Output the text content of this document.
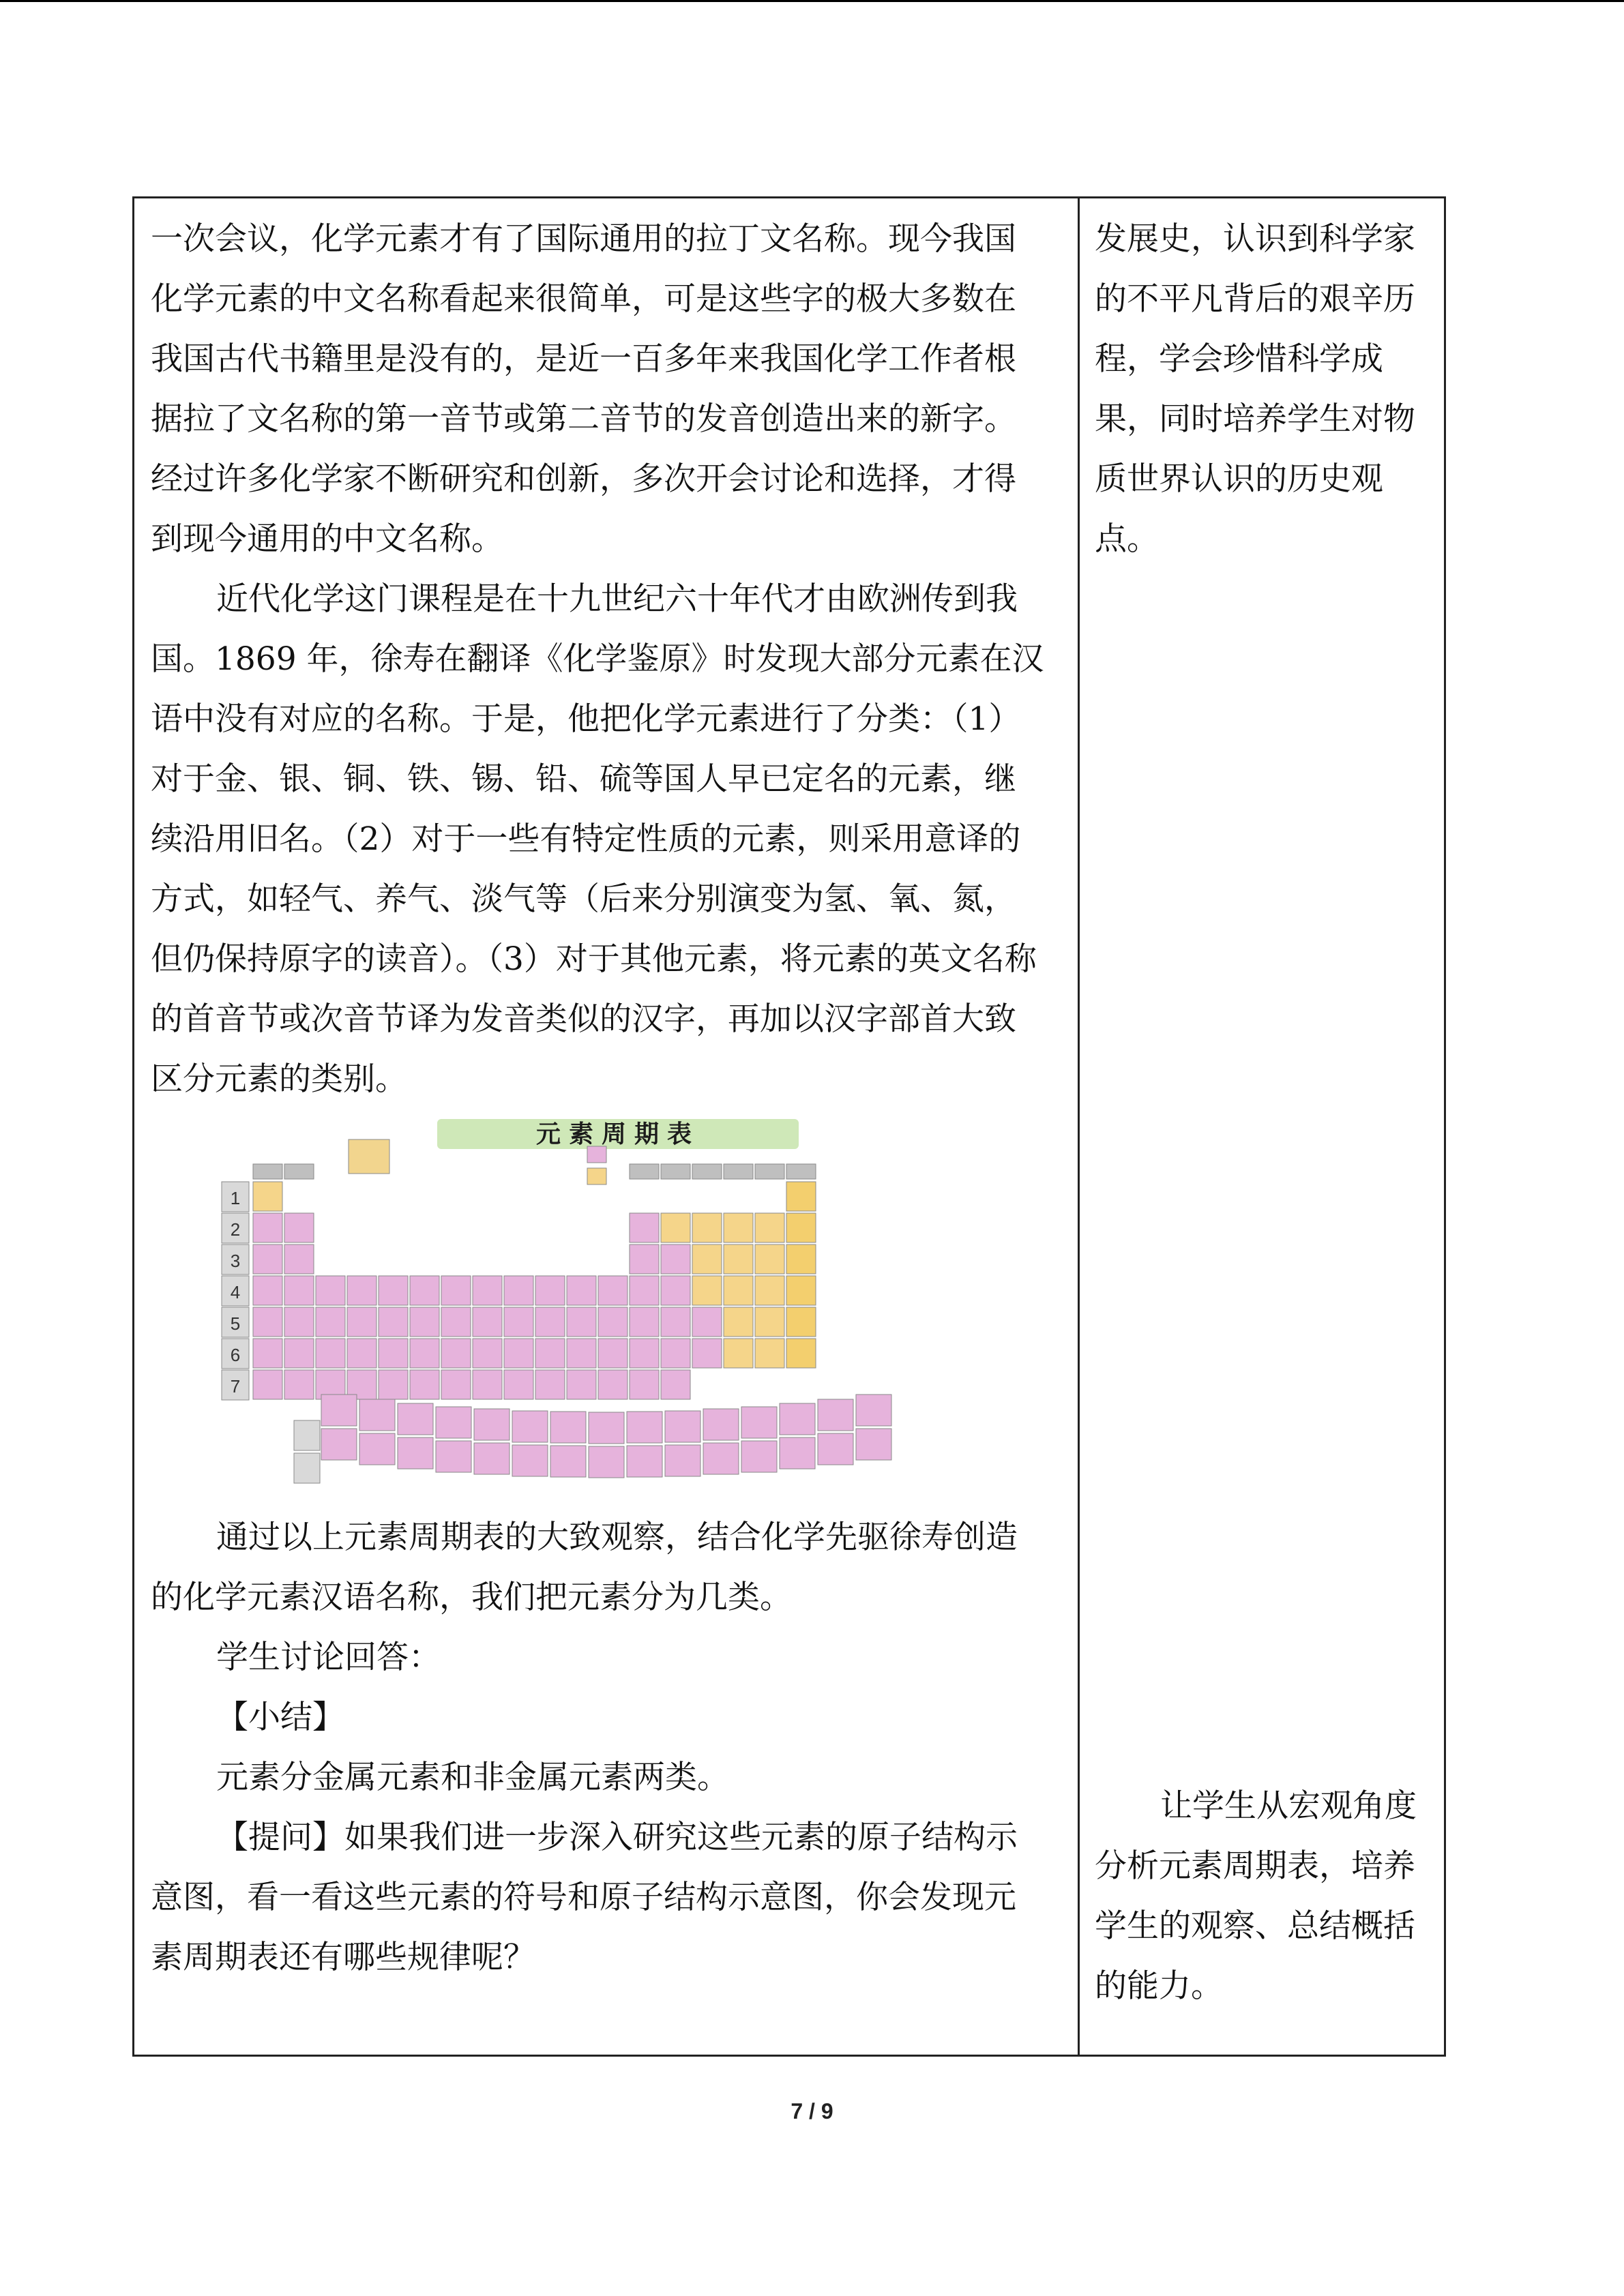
一次会议，化学元素才有了国际通用的拉丁文名称。现今我国

化学元素的中文名称看起来很简单，可是这些字的极大多数在

我国古代书籍里是没有的，是近一百多年来我国化学工作者根

据拉了文名称的第一音节或第二音节的发音创造出来的新字。

经过许多化学家不断研究和创新，多次开会讨论和选择，才得

到现今通用的中文名称。

近代化学这门课程是在十九世纪六十年代才由欧洲传到我

国。1869 年，徐寿在翻译《化学鉴原》时发现大部分元素在汉

语中没有对应的名称。于是，他把化学元素进行了分类：（1）

对于金、银、铜、铁、锡、铅、硫等国人早已定名的元素，继

续沿用旧名。（2）对于一些有特定性质的元素，则采用意译的

方式，如轻气、养气、淡气等（后来分别演变为氢、氧、氮，

但仍保持原字的读音）。（3）对于其他元素，将元素的英文名称

的首音节或次音节译为发音类似的汉字，再加以汉字部首大致

区分元素的类别。

1
2
3
4
5
6
7
元素周期表

通过以上元素周期表的大致观察，结合化学先驱徐寿创造

的化学元素汉语名称，我们把元素分为几类。

学生讨论回答：

【小结】

元素分金属元素和非金属元素两类。

【提问】如果我们进一步深入研究这些元素的原子结构示

意图，看一看这些元素的符号和原子结构示意图，你会发现元

素周期表还有哪些规律呢？

发展史，认识到科学家

的不平凡背后的艰辛历

程，学会珍惜科学成

果，同时培养学生对物

质世界认识的历史观

点。

让学生从宏观角度

分析元素周期表，培养

学生的观察、总结概括

的能力。

7 / 9
